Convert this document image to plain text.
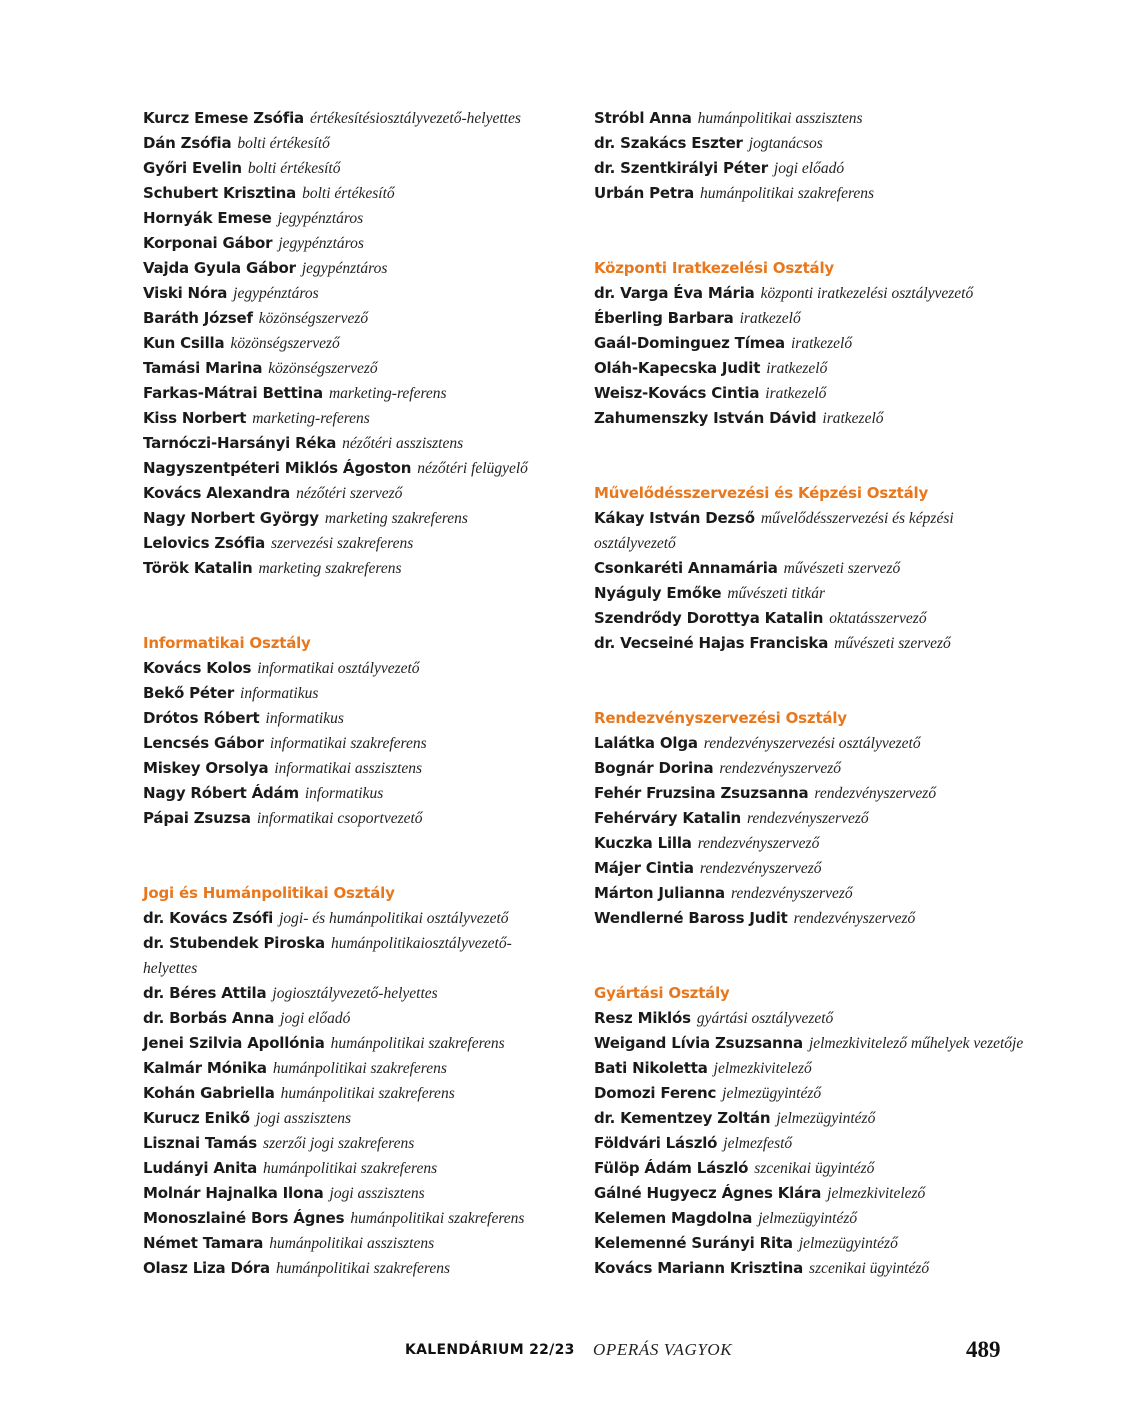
Kurcz Emese Zsófia értékesítésiosztályvezető-helyettes
Dán Zsófia bolti értékesítő
Győri Evelin bolti értékesítő
Schubert Krisztina bolti értékesítő
Hornyák Emese jegypénztáros
Korponai Gábor jegypénztáros
Vajda Gyula Gábor jegypénztáros
Viski Nóra jegypénztáros
Baráth József közönségszervező
Kun Csilla közönségszervező
Tamási Marina közönségszervező
Farkas-Mátrai Bettina marketing-referens
Kiss Norbert marketing-referens
Tarnóczi-Harsányi Réka nézőtéri asszisztens
Nagyszentpéteri Miklós Ágoston nézőtéri felügyelő
Kovács Alexandra nézőtéri szervező
Nagy Norbert György marketing szakreferens
Lelovics Zsófia szervezési szakreferens
Török Katalin marketing szakreferens
Informatikai Osztály
Kovács Kolos informatikai osztályvezető
Bekő Péter informatikus
Drótos Róbert informatikus
Lencsés Gábor informatikai szakreferens
Miskey Orsolya informatikai asszisztens
Nagy Róbert Ádám informatikus
Pápai Zsuzsa informatikai csoportvezető
Jogi és Humánpolitikai Osztály
dr. Kovács Zsófi jogi- és humánpolitikai osztályvezető
dr. Stubendek Piroska humánpolitikaiosztályvezető-helyettes
dr. Béres Attila jogiosztályvezető-helyettes
dr. Borbás Anna jogi előadó
Jenei Szilvia Apollónia humánpolitikai szakreferens
Kalmár Mónika humánpolitikai szakreferens
Kohán Gabriella humánpolitikai szakreferens
Kurucz Enikő jogi asszisztens
Lisznai Tamás szerzői jogi szakreferens
Ludányi Anita humánpolitikai szakreferens
Molnár Hajnalka Ilona jogi asszisztens
Monoszlainé Bors Ágnes humánpolitikai szakreferens
Német Tamara humánpolitikai asszisztens
Olasz Liza Dóra humánpolitikai szakreferens
Stróbl Anna humánpolitikai asszisztens
dr. Szakács Eszter jogtanácsos
dr. Szentkirályi Péter jogi előadó
Urbán Petra humánpolitikai szakreferens
Központi Iratkezelési Osztály
dr. Varga Éva Mária központi iratkezelési osztályvezető
Éberling Barbara iratkezelő
Gaál-Dominguez Tímea iratkezelő
Oláh-Kapecska Judit iratkezelő
Weisz-Kovács Cintia iratkezelő
Zahumenszky István Dávid iratkezelő
Művelődésszervezési és Képzési Osztály
Kákay István Dezső művelődésszervezési és képzési osztályvezető
Csonkaréti Annamária művészeti szervező
Nyáguly Emőke művészeti titkár
Szendrődy Dorottya Katalin oktatásszervező
dr. Vecseiné Hajas Franciska művészeti szervező
Rendezvényszervezési Osztály
Lalátka Olga rendezvényszervezési osztályvezető
Bognár Dorina rendezvényszervező
Fehér Fruzsina Zsuzsanna rendezvényszervező
Fehérváry Katalin rendezvényszervező
Kuczka Lilla rendezvényszervező
Májer Cintia rendezvényszervező
Márton Julianna rendezvényszervező
Wendlerné Baross Judit rendezvényszervező
Gyártási Osztály
Resz Miklós gyártási osztályvezető
Weigand Lívia Zsuzsanna jelmezkivitelező műhelyek vezetője
Bati Nikoletta jelmezkivitelező
Domozi Ferenc jelmezügyintéző
dr. Kementzey Zoltán jelmezügyintéző
Földvári László jelmezfestő
Fülöp Ádám László szcenikai ügyintéző
Gálné Hugyecz Ágnes Klára jelmezkivitelező
Kelemen Magdolna jelmezügyintéző
Kelemenné Surányi Rita jelmezügyintéző
Kovács Mariann Krisztina szcenikai ügyintéző
KALENDÁRIUM 22/23 OPERÁS VAGYOK	489
